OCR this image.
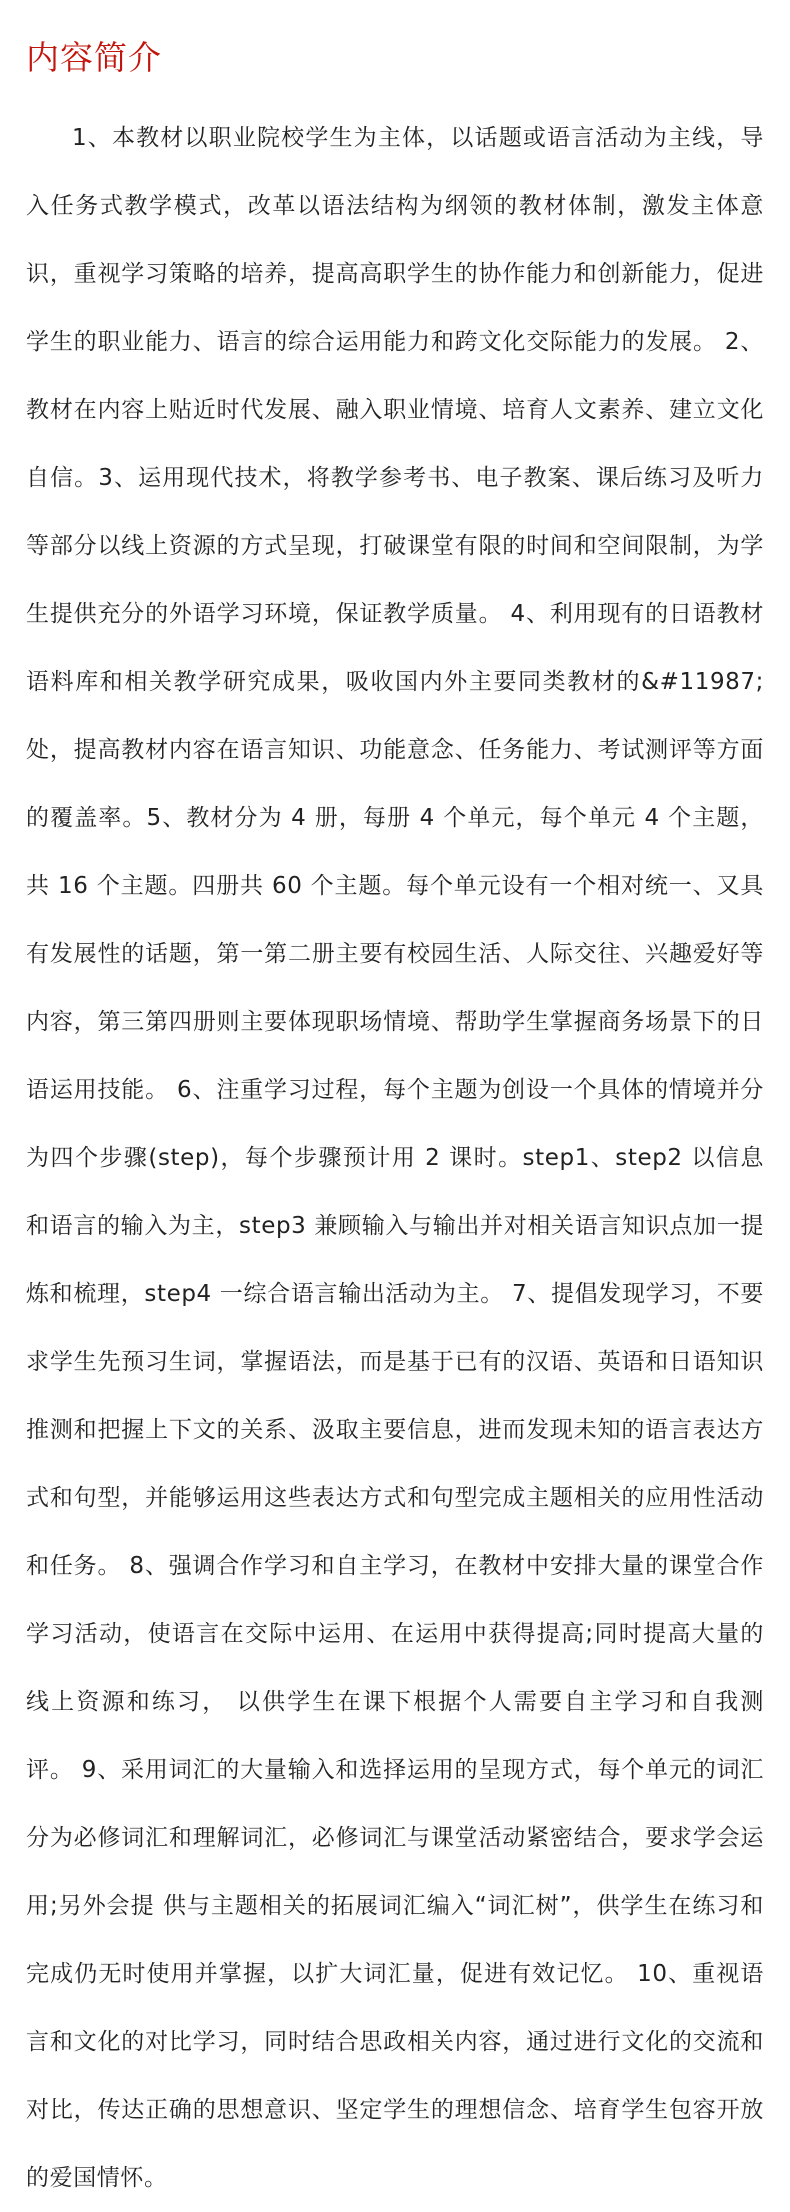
内容简介

1、本教材以职业院校学生为主体，以话题或语言活动为主线，导入任务式教学模式，改革以语法结构为纲领的教材体制，激发主体意识，重视学习策略的培养，提高高职学生的协作能力和创新能力，促进学生的职业能力、语言的综合运用能力和跨文化交际能力的发展。 2、教材在内容上贴近时代发展、融入职业情境、培育人文素养、建立文化自信。3、运用现代技术，将教学参考书、电子教案、课后练习及听力等部分以线上资源的方式呈现，打破课堂有限的时间和空间限制，为学生提供充分的外语学习环境，保证教学质量。 4、利用现有的日语教材语料库和相关教学研究成果，吸收国内外主要同类教材的&#11987;处，提高教材内容在语言知识、功能意念、任务能力、考试测评等方面的覆盖率。5、教材分为 4 册，每册 4 个单元，每个单元 4 个主题，共 16 个主题。四册共 60 个主题。每个单元设有一个相对统一、又具有发展性的话题，第一第二册主要有校园生活、人际交往、兴趣爱好等内容，第三第四册则主要体现职场情境、帮助学生掌握商务场景下的日语运用技能。 6、注重学习过程，每个主题为创设一个具体的情境并分为四个步骤(step)，每个步骤预计用 2 课时。step1、step2 以信息和语言的输入为主，step3 兼顾输入与输出并对相关语言知识点加一提炼和梳理，step4 一综合语言输出活动为主。 7、提倡发现学习，不要求学生先预习生词，掌握语法，而是基于已有的汉语、英语和日语知识推测和把握上下文的关系、汲取主要信息，进而发现未知的语言表达方式和句型，并能够运用这些表达方式和句型完成主题相关的应用性活动和任务。 8、强调合作学习和自主学习，在教材中安排大量的课堂合作学习活动，使语言在交际中运用、在运用中获得提高;同时提高大量的线上资源和练习， 以供学生在课下根据个人需要自主学习和自我测评。 9、采用词汇的大量输入和选择运用的呈现方式，每个单元的词汇分为必修词汇和理解词汇，必修词汇与课堂活动紧密结合，要求学会运用;另外会提 供与主题相关的拓展词汇编入“词汇树”，供学生在练习和完成仍无时使用并掌握，以扩大词汇量，促进有效记忆。 10、重视语言和文化的对比学习，同时结合思政相关内容，通过进行文化的交流和对比，传达正确的思想意识、坚定学生的理想信念、培育学生包容开放的爱国情怀。
